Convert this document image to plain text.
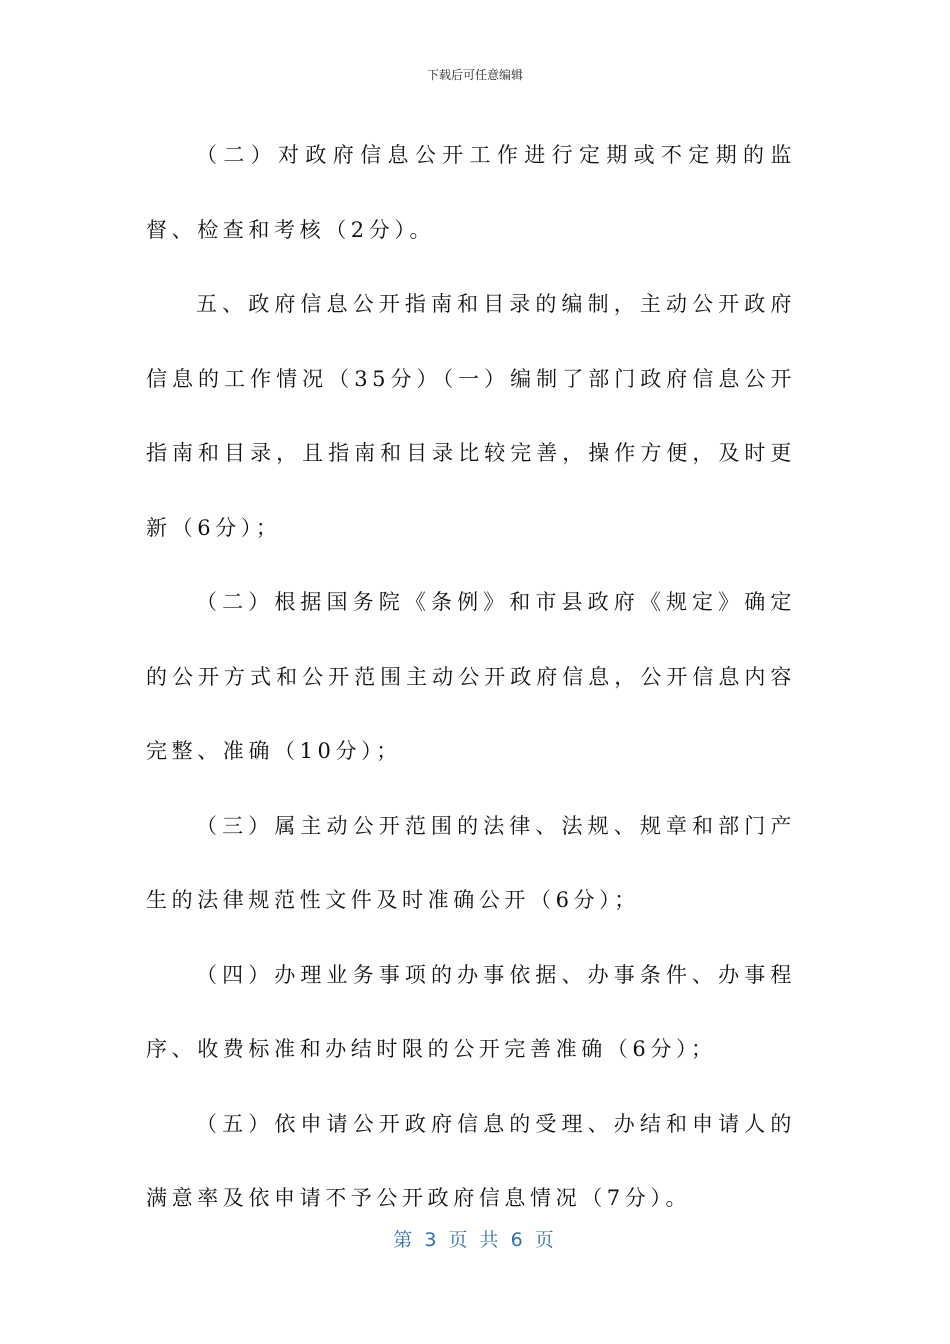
下载后可任意编辑

（二）对政府信息公开工作进行定期或不定期的监督、检查和考核（2分）。

五、政府信息公开指南和目录的编制，主动公开政府信息的工作情况（35分）（一）编制了部门政府信息公开指南和目录，且指南和目录比较完善，操作方便，及时更新（6分）；

（二）根据国务院《条例》和市县政府《规定》确定的公开方式和公开范围主动公开政府信息，公开信息内容完整、准确（10分）；

（三）属主动公开范围的法律、法规、规章和部门产生的法律规范性文件及时准确公开（6分）；

（四）办理业务事项的办事依据、办事条件、办事程序、收费标准和办结时限的公开完善准确（6分）；

（五）依申请公开政府信息的受理、办结和申请人的满意率及依申请不予公开政府信息情况（7分）。

第 3 页 共 6 页
